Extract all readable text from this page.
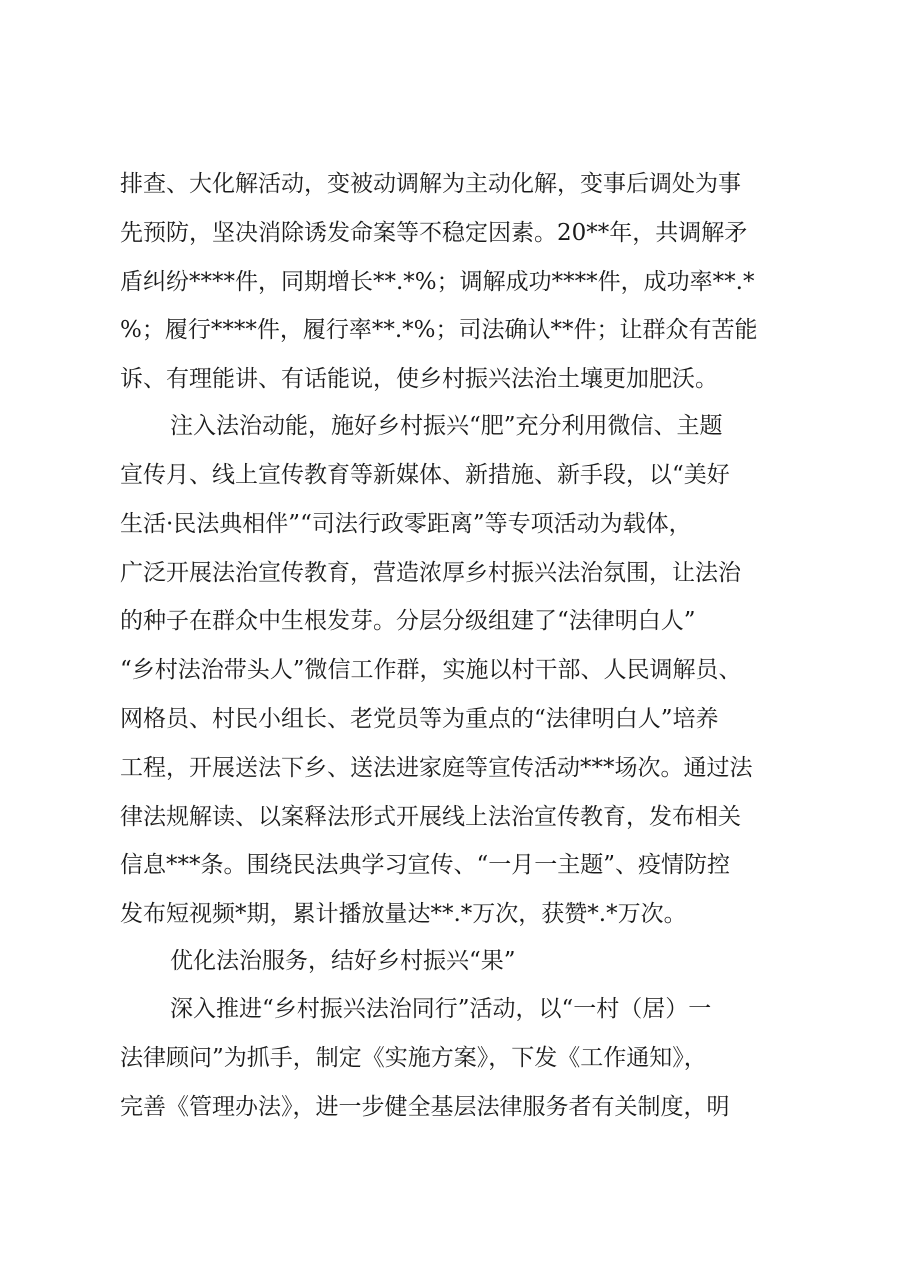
排查、大化解活动，变被动调解为主动化解，变事后调处为事
先预防，坚决消除诱发命案等不稳定因素。20**年，共调解矛
盾纠纷****件，同期增长**.*%；调解成功****件，成功率**.*
%；履行****件，履行率**.*%；司法确认**件；让群众有苦能
诉、有理能讲、有话能说，使乡村振兴法治土壤更加肥沃。
注入法治动能，施好乡村振兴“肥”充分利用微信、主题
宣传月、线上宣传教育等新媒体、新措施、新手段，以“美好
生活·民法典相伴”“司法行政零距离”等专项活动为载体，
广泛开展法治宣传教育，营造浓厚乡村振兴法治氛围，让法治
的种子在群众中生根发芽。分层分级组建了“法律明白人”
“乡村法治带头人”微信工作群，实施以村干部、人民调解员、
网格员、村民小组长、老党员等为重点的“法律明白人”培养
工程，开展送法下乡、送法进家庭等宣传活动***场次。通过法
律法规解读、以案释法形式开展线上法治宣传教育，发布相关
信息***条。围绕民法典学习宣传、“一月一主题”、疫情防控
发布短视频*期，累计播放量达**.*万次，获赞*.*万次。
优化法治服务，结好乡村振兴“果”
深入推进“乡村振兴法治同行”活动，以“一村（居）一
法律顾问”为抓手，制定《实施方案》，下发《工作通知》，
完善《管理办法》，进一步健全基层法律服务者有关制度，明
